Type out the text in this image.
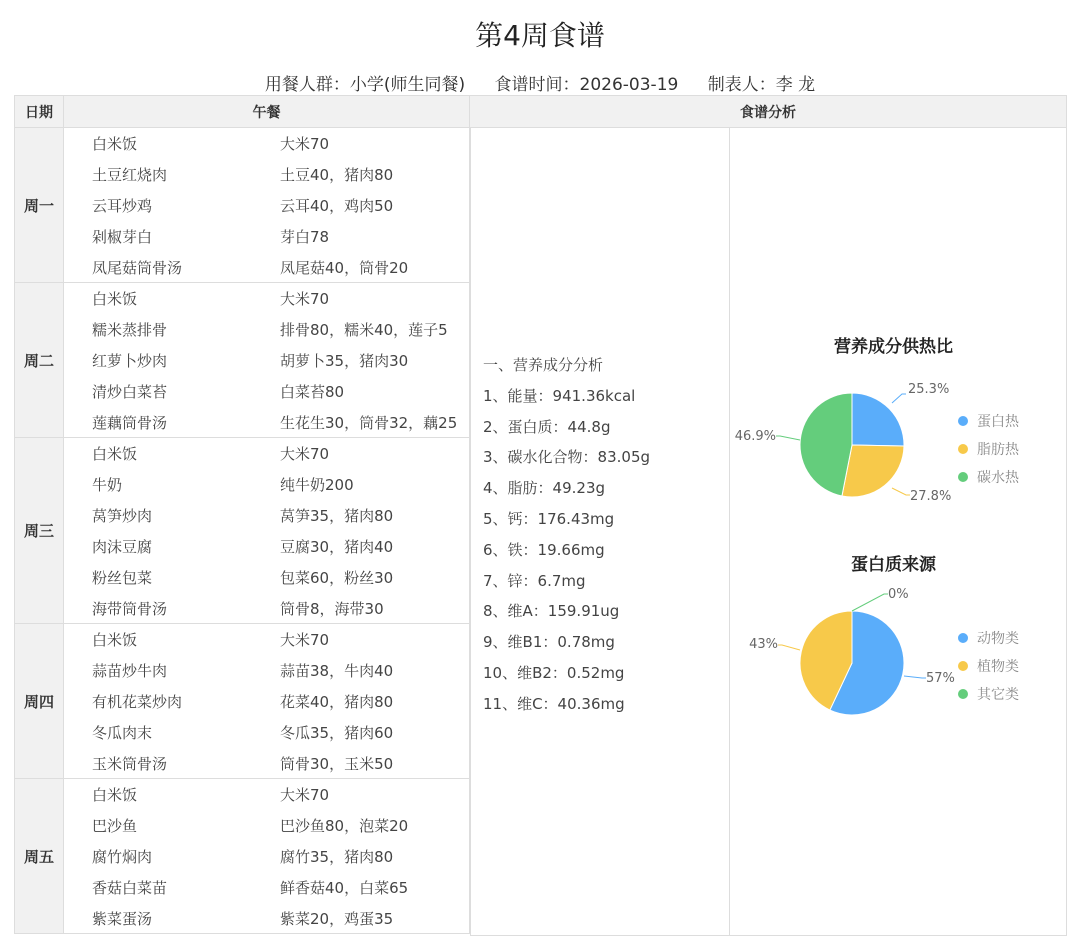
第4周食谱
用餐人群：小学(师生同餐) 食谱时间：2026-03-19 制表人：李 龙
日期	午餐	食谱分析
周一
白米饭	大米70
土豆红烧肉	土豆40，猪肉80
云耳炒鸡	云耳40，鸡肉50
剁椒芽白	芽白78
凤尾菇筒骨汤	凤尾菇40，筒骨20
周二
白米饭	大米70
糯米蒸排骨	排骨80，糯米40，莲子5
红萝卜炒肉	胡萝卜35，猪肉30
清炒白菜苔	白菜苔80
莲藕筒骨汤	生花生30，筒骨32，藕25
周三
白米饭	大米70
牛奶	纯牛奶200
莴笋炒肉	莴笋35，猪肉80
肉沫豆腐	豆腐30，猪肉40
粉丝包菜	包菜60，粉丝30
海带筒骨汤	筒骨8，海带30
周四
白米饭	大米70
蒜苗炒牛肉	蒜苗38，牛肉40
有机花菜炒肉	花菜40，猪肉80
冬瓜肉末	冬瓜35，猪肉60
玉米筒骨汤	筒骨30，玉米50
周五
白米饭	大米70
巴沙鱼	巴沙鱼80，泡菜20
腐竹焖肉	腐竹35，猪肉80
香菇白菜苗	鲜香菇40，白菜65
紫菜蛋汤	紫菜20，鸡蛋35
一、营养成分分析
1、能量：941.36kcal
2、蛋白质：44.8g
3、碳水化合物：83.05g
4、脂肪：49.23g
5、钙：176.43mg
6、铁：19.66mg
7、锌：6.7mg
8、维A：159.91ug
9、维B1：0.78mg
10、维B2：0.52mg
11、维C：40.36mg
营养成分供热比
蛋白质来源
25.3%
蛋白热
27.8%
脂肪热
46.9%
碳水热
57%
动物类
43%
植物类
0%
其它类
